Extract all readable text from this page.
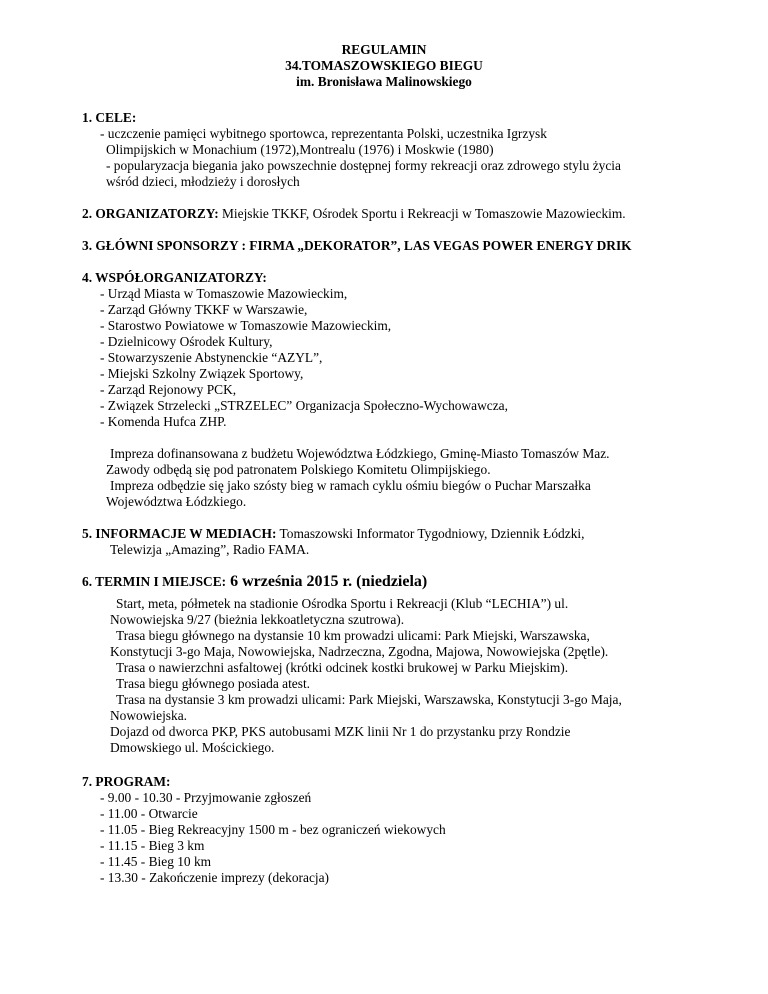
REGULAMIN
34.TOMASZOWSKIEGO BIEGU
im. Bronisława Malinowskiego
1. CELE:
- uczczenie pamięci wybitnego sportowca, reprezentanta Polski, uczestnika Igrzysk
Olimpijskich w Monachium (1972),Montrealu (1976) i Moskwie (1980)
- popularyzacja biegania jako powszechnie dostępnej formy rekreacji oraz zdrowego stylu życia
wśród dzieci, młodzieży i dorosłych
2. ORGANIZATORZY: Miejskie TKKF, Ośrodek Sportu i Rekreacji w Tomaszowie Mazowieckim.
3. GŁÓWNI SPONSORZY : FIRMA „DEKORATOR”, LAS VEGAS POWER ENERGY DRIK
4. WSPÓŁORGANIZATORZY:
- Urząd Miasta w Tomaszowie Mazowieckim,
- Zarząd Główny TKKF w Warszawie,
- Starostwo Powiatowe w Tomaszowie Mazowieckim,
- Dzielnicowy Ośrodek Kultury,
- Stowarzyszenie Abstynenckie “AZYL”,
- Miejski Szkolny Związek Sportowy,
- Zarząd Rejonowy PCK,
- Związek Strzelecki „STRZELEC” Organizacja Społeczno-Wychowawcza,
- Komenda Hufca ZHP.
Impreza dofinansowana z budżetu Województwa Łódzkiego, Gminę-Miasto Tomaszów Maz.
Zawody odbędą się pod patronatem Polskiego Komitetu Olimpijskiego.
Impreza odbędzie się jako szósty bieg w ramach cyklu ośmiu biegów o Puchar Marszałka
Województwa Łódzkiego.
5. INFORMACJE W MEDIACH: Tomaszowski Informator Tygodniowy, Dziennik Łódzki,
Telewizja „Amazing”, Radio FAMA.
6. TERMIN I MIEJSCE: 6 września 2015 r. (niedziela)
Start, meta, półmetek na stadionie Ośrodka Sportu i Rekreacji (Klub “LECHIA”) ul.
Nowowiejska 9/27 (bieżnia lekkoatletyczna szutrowa).
Trasa biegu głównego na dystansie 10 km prowadzi ulicami: Park Miejski, Warszawska,
Konstytucji 3-go Maja, Nowowiejska, Nadrzeczna, Zgodna, Majowa, Nowowiejska (2pętle).
Trasa o nawierzchni asfaltowej (krótki odcinek kostki brukowej w Parku Miejskim).
Trasa biegu głównego posiada atest.
Trasa na dystansie 3 km prowadzi ulicami: Park Miejski, Warszawska, Konstytucji 3-go Maja,
Nowowiejska.
Dojazd od dworca PKP, PKS autobusami MZK linii Nr 1 do przystanku przy Rondzie
Dmowskiego ul. Mościckiego.
7. PROGRAM:
- 9.00 - 10.30 - Przyjmowanie zgłoszeń
- 11.00 - Otwarcie
- 11.05 - Bieg Rekreacyjny 1500 m - bez ograniczeń wiekowych
- 11.15 - Bieg 3 km
- 11.45 - Bieg 10 km
- 13.30 - Zakończenie imprezy (dekoracja)
